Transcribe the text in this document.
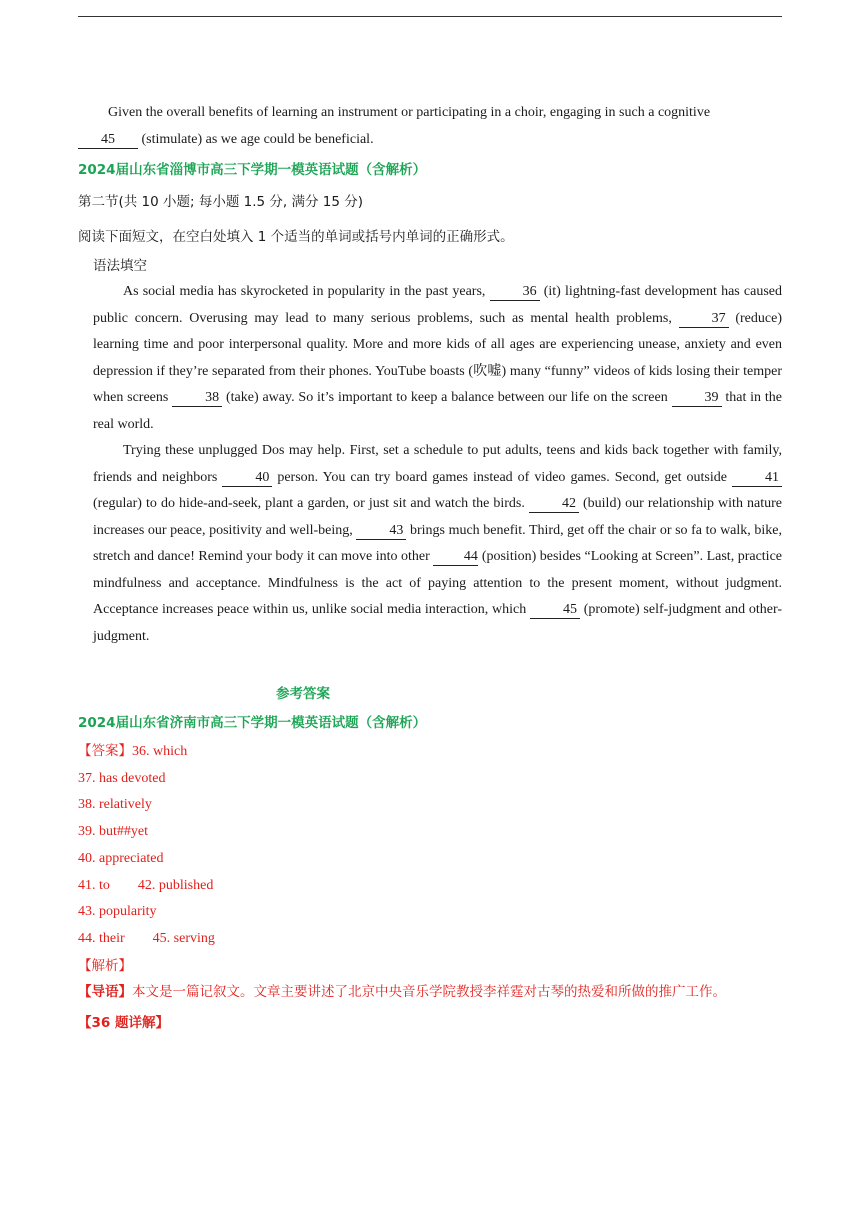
Given the overall benefits of learning an instrument or participating in a choir, engaging in such a cognitive
45 (stimulate) as we age could be beneficial.

2024届山东省淄博市高三下学期一模英语试题（含解析）
第二节(共 10 小题; 每小题 1.5 分, 满分 15 分)
阅读下面短文，在空白处填入 1 个适当的单词或括号内单词的正确形式。
语法填空

As social media has skyrocketed in popularity in the past years, 36 (it) lightning-fast development has caused public concern. Overusing may lead to many serious problems, such as mental health problems, 37 (reduce) learning time and poor interpersonal quality. More and more kids of all ages are experiencing unease, anxiety and even depression if they’re separated from their phones. YouTube boasts (吹嘘) many “funny” videos of kids losing their temper when screens 38 (take) away. So it’s important to keep a balance between our life on the screen 39 that in the real world.

Trying these unplugged Dos may help. First, set a schedule to put adults, teens and kids back together with family, friends and neighbors 40 person. You can try board games instead of video games. Second, get outside 41 (regular) to do hide-and-seek, plant a garden, or just sit and watch the birds. 42 (build) our relationship with nature increases our peace, positivity and well-being, 43 brings much benefit. Third, get off the chair or so fa to walk, bike, stretch and dance! Remind your body it can move into other 44 (position) besides “Looking at Screen”. Last, practice mindfulness and acceptance. Mindfulness is the act of paying attention to the present moment, without judgment. Acceptance increases peace within us, unlike social media interaction, which 45 (promote) self-judgment and other-judgment.

参考答案
2024届山东省济南市高三下学期一模英语试题（含解析）
【答案】36. which
37. has devoted
38. relatively
39. but##yet
40. appreciated
41. to 42. published
43. popularity
44. their 45. serving
【解析】
【导语】本文是一篇记叙文。文章主要讲述了北京中央音乐学院教授李祥霆对古琴的热爱和所做的推广工作。
【36 题详解】
